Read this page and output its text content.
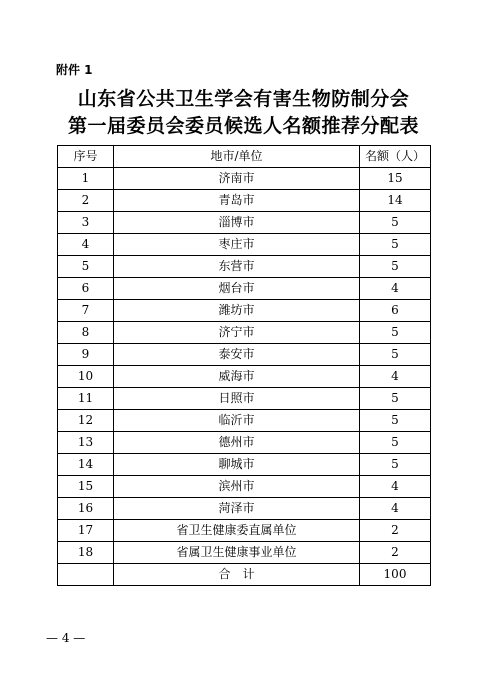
附件 1
山东省公共卫生学会有害生物防制分会
第一届委员会委员候选人名额推荐分配表
序号	地市/单位	名额（人）
1	济南市	15
2	青岛市	14
3	淄博市	5
4	枣庄市	5
5	东营市	5
6	烟台市	4
7	潍坊市	6
8	济宁市	5
9	泰安市	5
10	威海市	4
11	日照市	5
12	临沂市	5
13	德州市	5
14	聊城市	5
15	滨州市	4
16	菏泽市	4
17	省卫生健康委直属单位	2
18	省属卫生健康事业单位	2
	合　计	100
— 4 —
